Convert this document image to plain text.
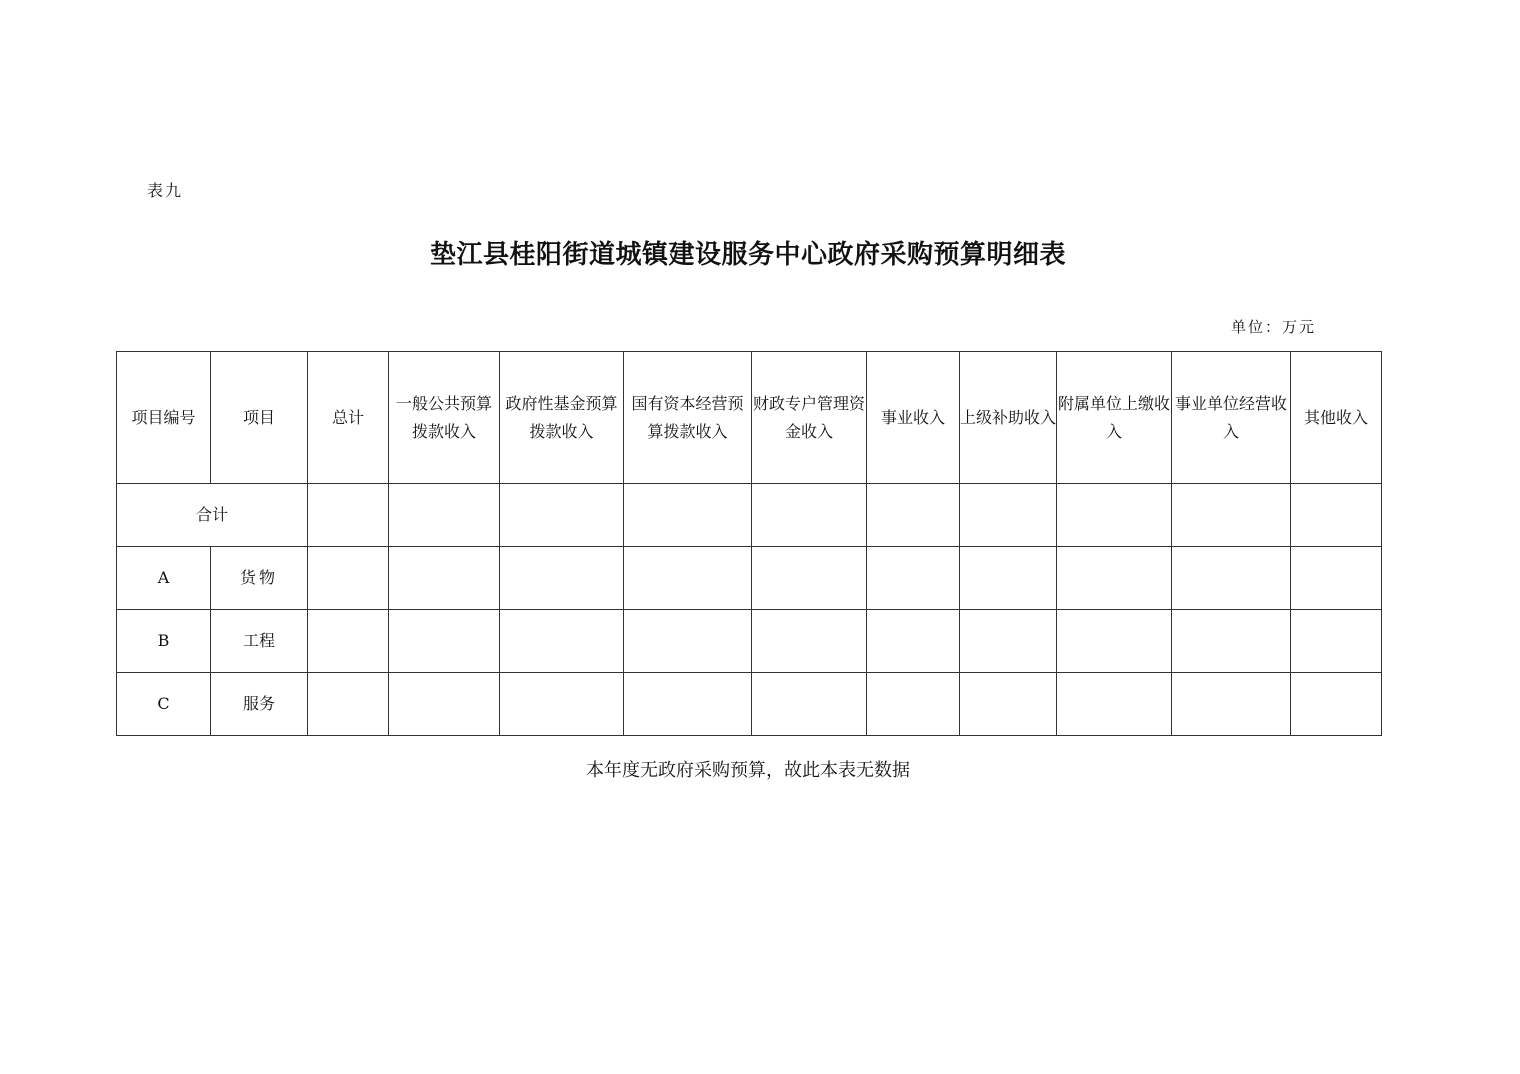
表九
垫江县桂阳街道城镇建设服务中心政府采购预算明细表
单位：万元
项目编号	项目	总计	一般公共预算拨款收入	政府性基金预算拨款收入	国有资本经营预算拨款收入	财政专户管理资金收入	事业收入	上级补助收入	附属单位上缴收入	事业单位经营收入	其他收入
合计											
A	货物										
B	工程										
C	服务										
本年度无政府采购预算，故此本表无数据
